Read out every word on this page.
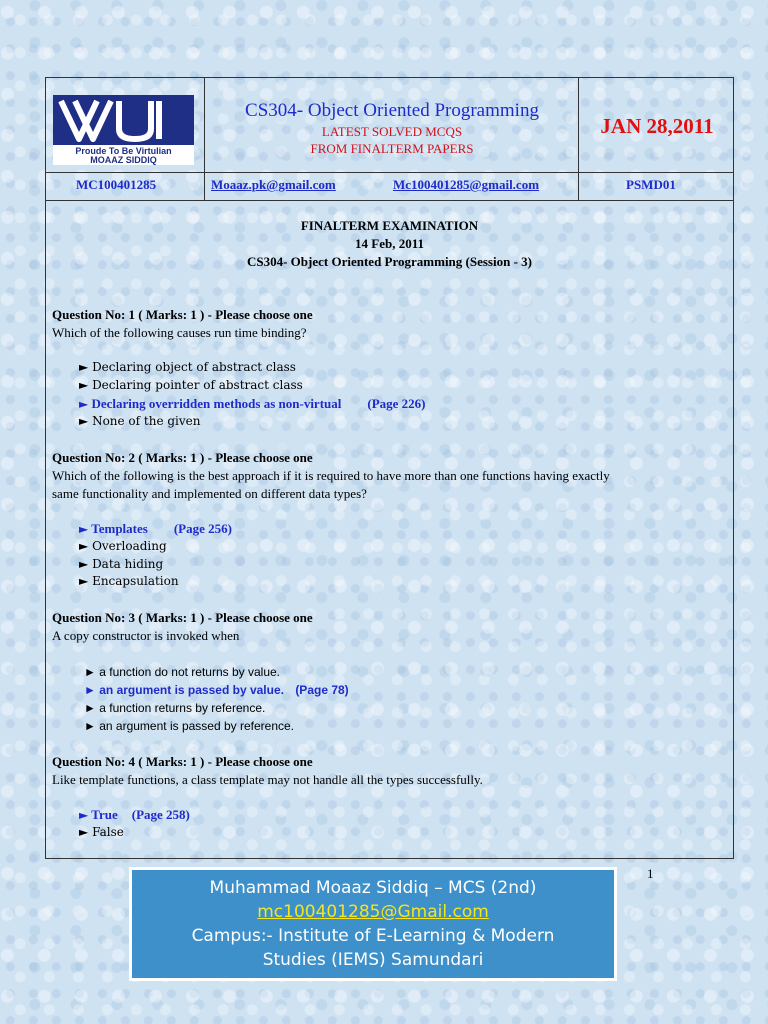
Proude To Be Virtulian
MOAAZ SIDDIQ
CS304- Object Oriented Programming
LATEST SOLVED MCQS
FROM FINALTERM PAPERS
JAN 28,2011
MC100401285	Moaaz.pk@gmail.com	Mc100401285@gmail.com	PSMD01
FINALTERM EXAMINATION
14 Feb, 2011
CS304- Object Oriented Programming (Session - 3)
Question No: 1 ( Marks: 1 ) - Please choose one
Which of the following causes run time binding?
► Declaring object of abstract class
► Declaring pointer of abstract class
► Declaring overridden methods as non-virtual (Page 226)
► None of the given
Question No: 2 ( Marks: 1 ) - Please choose one
Which of the following is the best approach if it is required to have more than one functions having exactly
same functionality and implemented on different data types?
► Templates (Page 256)
► Overloading
► Data hiding
► Encapsulation
Question No: 3 ( Marks: 1 ) - Please choose one
A copy constructor is invoked when
► a function do not returns by value.
► an argument is passed by value. (Page 78)
► a function returns by reference.
► an argument is passed by reference.
Question No: 4 ( Marks: 1 ) - Please choose one
Like template functions, a class template may not handle all the types successfully.
► True (Page 258)
► False
1
Muhammad Moaaz Siddiq – MCS (2nd)
mc100401285@Gmail.com
Campus:- Institute of E-Learning & Modern
Studies (IEMS) Samundari
